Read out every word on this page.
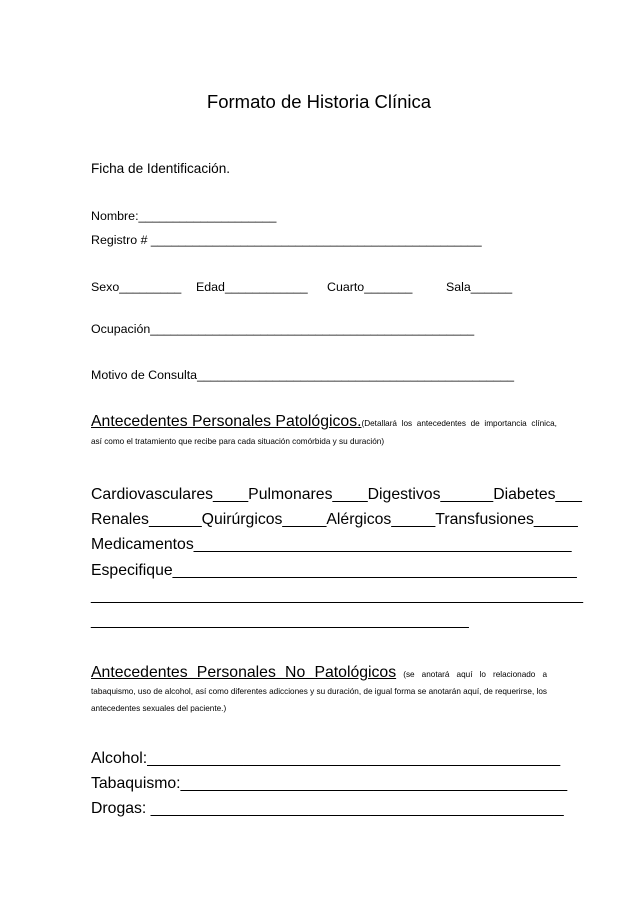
Formato de Historia Clínica
Ficha de Identificación.
Nombre:____________________
Registro # ________________________________________________
Sexo_________ Edad____________ Cuarto_______	Sala______
Ocupación_______________________________________________
Motivo de Consulta______________________________________________
Antecedentes Personales Patológicos.(Detallará los antecedentes de importancia clínica,
así como el tratamiento que recibe para cada situación comórbida y su duración)
Cardiovasculares____Pulmonares____Digestivos______Diabetes___
Renales______Quirúrgicos_____Alérgicos_____Transfusiones_____
Medicamentos___________________________________________
Especifique______________________________________________
________________________________________________________
___________________________________________
Antecedentes Personales No Patológicos (se anotará aquí lo relacionado a tabaquismo, uso de alcohol, así como diferentes adicciones y su duración, de igual forma se anotarán aquí, de requerirse, los antecedentes sexuales del paciente.)
Alcohol:_______________________________________________
Tabaquismo:____________________________________________
Drogas: _______________________________________________
